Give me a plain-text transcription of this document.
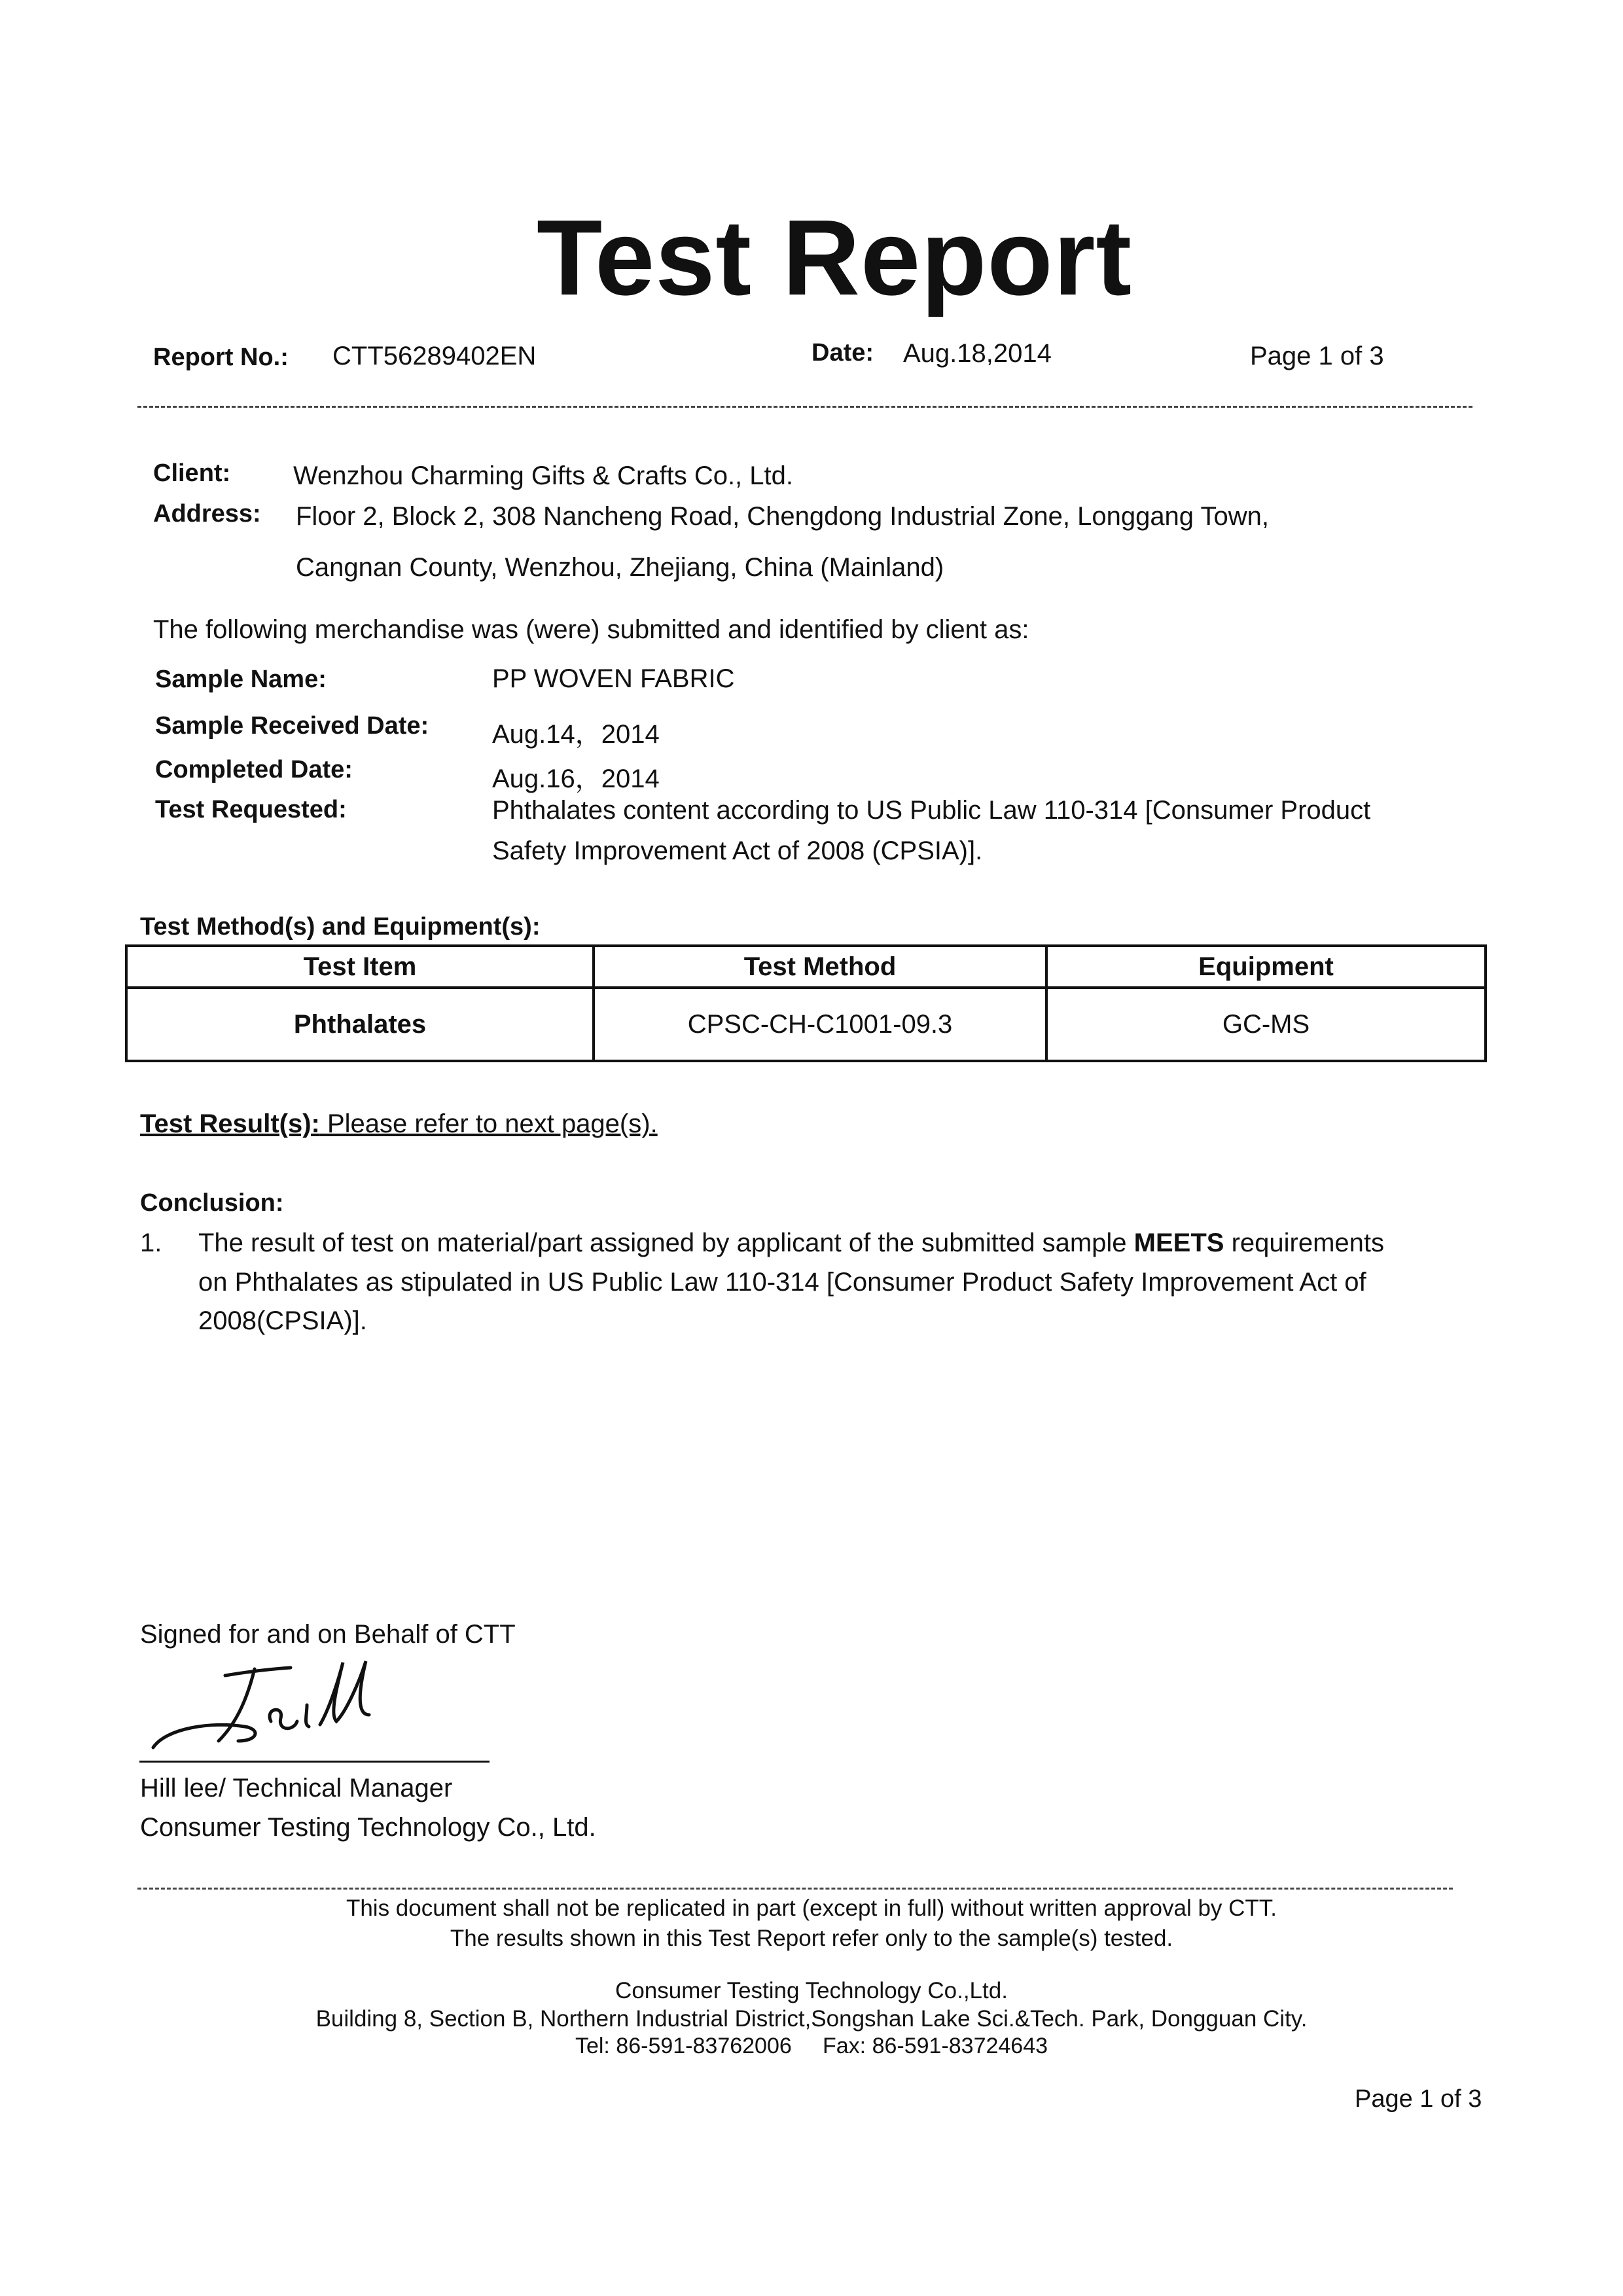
Test Report
Report No.: CTT56289402EN	Date: Aug.18,2014	Page 1 of 3
Client: Wenzhou Charming Gifts & Crafts Co., Ltd.
Address: Floor 2, Block 2, 308 Nancheng Road, Chengdong Industrial Zone, Longgang Town,
Cangnan County, Wenzhou, Zhejiang, China (Mainland)
The following merchandise was (were) submitted and identified by client as:
Sample Name:	PP WOVEN FABRIC
Sample Received Date: Aug.14，2014
Completed Date:	Aug.16，2014
Test Requested:	Phthalates content according to US Public Law 110-314 [Consumer Product
Safety Improvement Act of 2008 (CPSIA)].
Test Method(s) and Equipment(s):
Test Item	Test Method	Equipment
Phthalates	CPSC-CH-C1001-09.3	GC-MS
Test Result(s): Please refer to next page(s).
Conclusion:
1. The result of test on material/part assigned by applicant of the submitted sample MEETS requirements
on Phthalates as stipulated in US Public Law 110-314 [Consumer Product Safety Improvement Act of
2008(CPSIA)].
Signed for and on Behalf of CTT
Hill lee/ Technical Manager
Consumer Testing Technology Co., Ltd.
This document shall not be replicated in part (except in full) without written approval by CTT.
The results shown in this Test Report refer only to the sample(s) tested.
Consumer Testing Technology Co.,Ltd.
Building 8, Section B, Northern Industrial District,Songshan Lake Sci.&Tech. Park, Dongguan City.
Tel: 86-591-83762006     Fax: 86-591-83724643
Page 1 of 3
